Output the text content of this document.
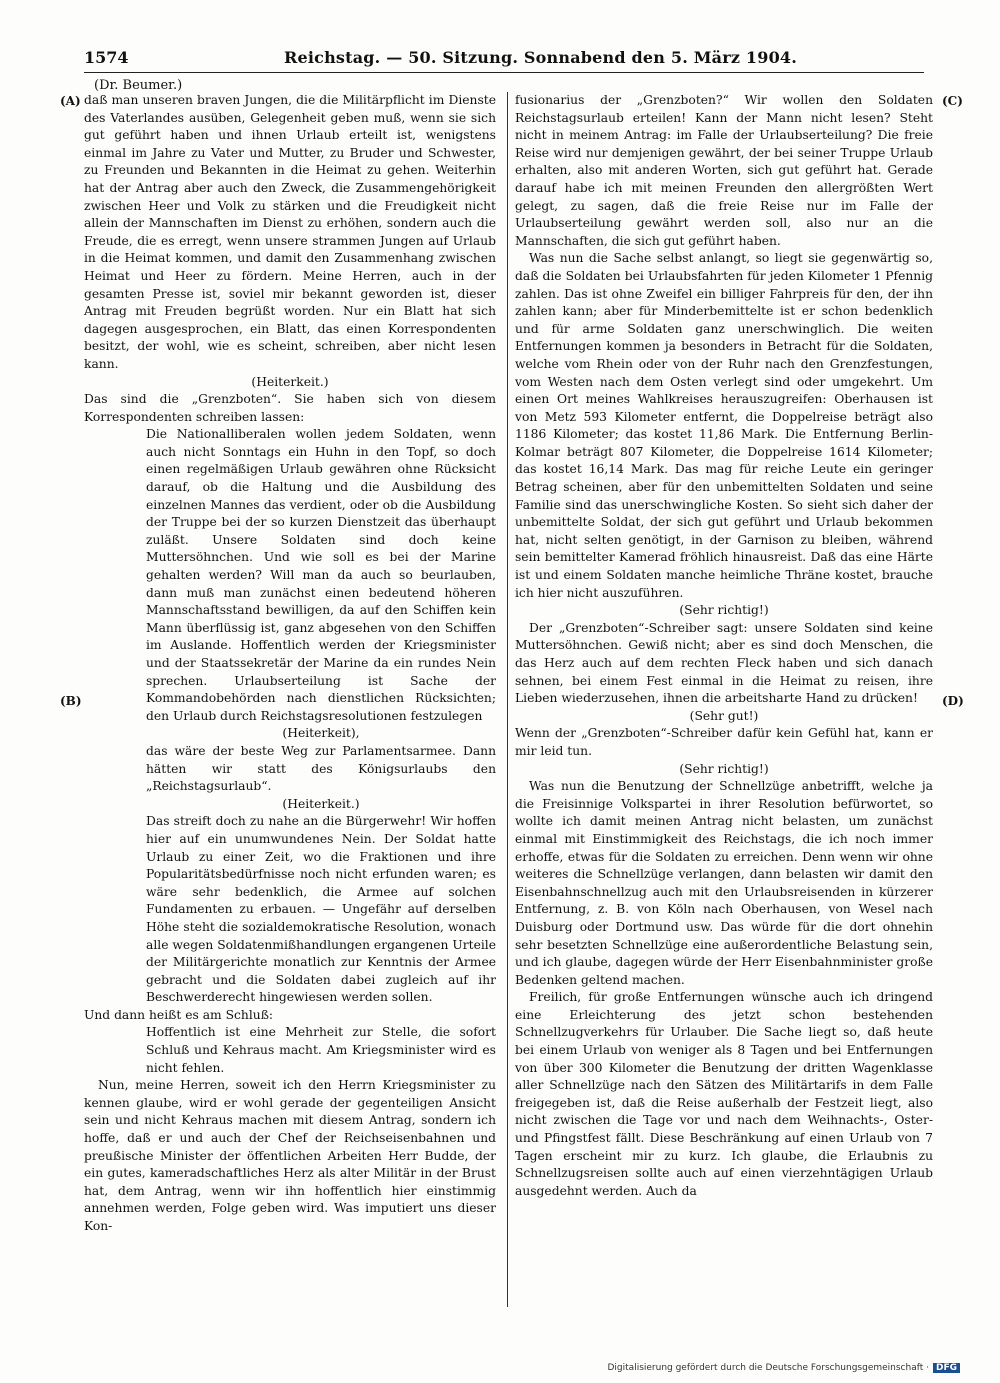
1574	Reichstag. — 50. Sitzung. Sonnabend den 5. März 1904.
(Dr. Beumer.)
(A)
(B)
(C)
(D)

daß man unseren braven Jungen, die die Militärpflicht im Dienste des Vaterlandes ausüben, Gelegenheit geben muß, wenn sie sich gut geführt haben und ihnen Urlaub erteilt ist, wenigstens einmal im Jahre zu Vater und Mutter, zu Bruder und Schwester, zu Freunden und Bekannten in die Heimat zu gehen. Weiterhin hat der Antrag aber auch den Zweck, die Zusammengehörigkeit zwischen Heer und Volk zu stärken und die Freudigkeit nicht allein der Mannschaften im Dienst zu erhöhen, sondern auch die Freude, die es erregt, wenn unsere strammen Jungen auf Urlaub in die Heimat kommen, und damit den Zusammenhang zwischen Heimat und Heer zu fördern. Meine Herren, auch in der gesamten Presse ist, soviel mir bekannt geworden ist, dieser Antrag mit Freuden begrüßt worden. Nur ein Blatt hat sich dagegen ausgesprochen, ein Blatt, das einen Korrespondenten besitzt, der wohl, wie es scheint, schreiben, aber nicht lesen kann.

(Heiterkeit.)

Das sind die „Grenzboten“. Sie haben sich von diesem Korrespondenten schreiben lassen:

Die Nationalliberalen wollen jedem Soldaten, wenn auch nicht Sonntags ein Huhn in den Topf, so doch einen regelmäßigen Urlaub gewähren ohne Rücksicht darauf, ob die Haltung und die Ausbildung des einzelnen Mannes das verdient, oder ob die Ausbildung der Truppe bei der so kurzen Dienstzeit das überhaupt zuläßt. Unsere Soldaten sind doch keine Muttersöhnchen. Und wie soll es bei der Marine gehalten werden? Will man da auch so beurlauben, dann muß man zunächst einen bedeutend höheren Mannschaftsstand bewilligen, da auf den Schiffen kein Mann überflüssig ist, ganz abgesehen von den Schiffen im Auslande. Hoffentlich werden der Kriegsminister und der Staatssekretär der Marine da ein rundes Nein sprechen. Urlaubserteilung ist Sache der Kommandobehörden nach dienstlichen Rücksichten; den Urlaub durch Reichstagsresolutionen festzulegen

(Heiterkeit),

das wäre der beste Weg zur Parlamentsarmee. Dann hätten wir statt des Königsurlaubs den „Reichstagsurlaub“.

(Heiterkeit.)

Das streift doch zu nahe an die Bürgerwehr! Wir hoffen hier auf ein unumwundenes Nein. Der Soldat hatte Urlaub zu einer Zeit, wo die Fraktionen und ihre Popularitätsbedürfnisse noch nicht erfunden waren; es wäre sehr bedenklich, die Armee auf solchen Fundamenten zu erbauen. — Ungefähr auf derselben Höhe steht die sozialdemokratische Resolution, wonach alle wegen Soldatenmißhandlungen ergangenen Urteile der Militärgerichte monatlich zur Kenntnis der Armee gebracht und die Soldaten dabei zugleich auf ihr Beschwerderecht hingewiesen werden sollen.

Und dann heißt es am Schluß:

Hoffentlich ist eine Mehrheit zur Stelle, die sofort Schluß und Kehraus macht. Am Kriegsminister wird es nicht fehlen.

Nun, meine Herren, soweit ich den Herrn Kriegsminister zu kennen glaube, wird er wohl gerade der gegenteiligen Ansicht sein und nicht Kehraus machen mit diesem Antrag, sondern ich hoffe, daß er und auch der Chef der Reichseisenbahnen und preußische Minister der öffentlichen Arbeiten Herr Budde, der ein gutes, kameradschaftliches Herz als alter Militär in der Brust hat, dem Antrag, wenn wir ihn hoffentlich hier einstimmig annehmen werden, Folge geben wird. Was imputiert uns dieser Kon-

fusionarius der „Grenzboten?“ Wir wollen den Soldaten Reichstagsurlaub erteilen! Kann der Mann nicht lesen? Steht nicht in meinem Antrag: im Falle der Urlaubserteilung? Die freie Reise wird nur demjenigen gewährt, der bei seiner Truppe Urlaub erhalten, also mit anderen Worten, sich gut geführt hat. Gerade darauf habe ich mit meinen Freunden den allergrößten Wert gelegt, zu sagen, daß die freie Reise nur im Falle der Urlaubserteilung gewährt werden soll, also nur an die Mannschaften, die sich gut geführt haben.

Was nun die Sache selbst anlangt, so liegt sie gegenwärtig so, daß die Soldaten bei Urlaubsfahrten für jeden Kilometer 1 Pfennig zahlen. Das ist ohne Zweifel ein billiger Fahrpreis für den, der ihn zahlen kann; aber für Minderbemittelte ist er schon bedenklich und für arme Soldaten ganz unerschwinglich. Die weiten Entfernungen kommen ja besonders in Betracht für die Soldaten, welche vom Rhein oder von der Ruhr nach den Grenzfestungen, vom Westen nach dem Osten verlegt sind oder umgekehrt. Um einen Ort meines Wahlkreises herauszugreifen: Oberhausen ist von Metz 593 Kilometer entfernt, die Doppelreise beträgt also 1186 Kilometer; das kostet 11,86 Mark. Die Entfernung Berlin-Kolmar beträgt 807 Kilometer, die Doppelreise 1614 Kilometer; das kostet 16,14 Mark. Das mag für reiche Leute ein geringer Betrag scheinen, aber für den unbemittelten Soldaten und seine Familie sind das unerschwingliche Kosten. So sieht sich daher der unbemittelte Soldat, der sich gut geführt und Urlaub bekommen hat, nicht selten genötigt, in der Garnison zu bleiben, während sein bemittelter Kamerad fröhlich hinausreist. Daß das eine Härte ist und einem Soldaten manche heimliche Thräne kostet, brauche ich hier nicht auszuführen.

(Sehr richtig!)

Der „Grenzboten“-Schreiber sagt: unsere Soldaten sind keine Muttersöhnchen. Gewiß nicht; aber es sind doch Menschen, die das Herz auch auf dem rechten Fleck haben und sich danach sehnen, bei einem Fest einmal in die Heimat zu reisen, ihre Lieben wiederzusehen, ihnen die arbeitsharte Hand zu drücken!

(Sehr gut!)

Wenn der „Grenzboten“-Schreiber dafür kein Gefühl hat, kann er mir leid tun.

(Sehr richtig!)

Was nun die Benutzung der Schnellzüge anbetrifft, welche ja die Freisinnige Volkspartei in ihrer Resolution befürwortet, so wollte ich damit meinen Antrag nicht belasten, um zunächst einmal mit Einstimmigkeit des Reichstags, die ich noch immer erhoffe, etwas für die Soldaten zu erreichen. Denn wenn wir ohne weiteres die Schnellzüge verlangen, dann belasten wir damit den Eisenbahnschnellzug auch mit den Urlaubsreisenden in kürzerer Entfernung, z. B. von Köln nach Oberhausen, von Wesel nach Duisburg oder Dortmund usw. Das würde für die dort ohnehin sehr besetzten Schnellzüge eine außerordentliche Belastung sein, und ich glaube, dagegen würde der Herr Eisenbahnminister große Bedenken geltend machen.

Freilich, für große Entfernungen wünsche auch ich dringend eine Erleichterung des jetzt schon bestehenden Schnellzugverkehrs für Urlauber. Die Sache liegt so, daß heute bei einem Urlaub von weniger als 8 Tagen und bei Entfernungen von über 300 Kilometer die Benutzung der dritten Wagenklasse aller Schnellzüge nach den Sätzen des Militärtarifs in dem Falle freigegeben ist, daß die Reise außerhalb der Festzeit liegt, also nicht zwischen die Tage vor und nach dem Weihnachts-, Oster- und Pfingstfest fällt. Diese Beschränkung auf einen Urlaub von 7 Tagen erscheint mir zu kurz. Ich glaube, die Erlaubnis zu Schnellzugsreisen sollte auch auf einen vierzehntägigen Urlaub ausgedehnt werden. Auch da

Digitalisierung gefördert durch die Deutsche Forschungsgemeinschaft · DFG
